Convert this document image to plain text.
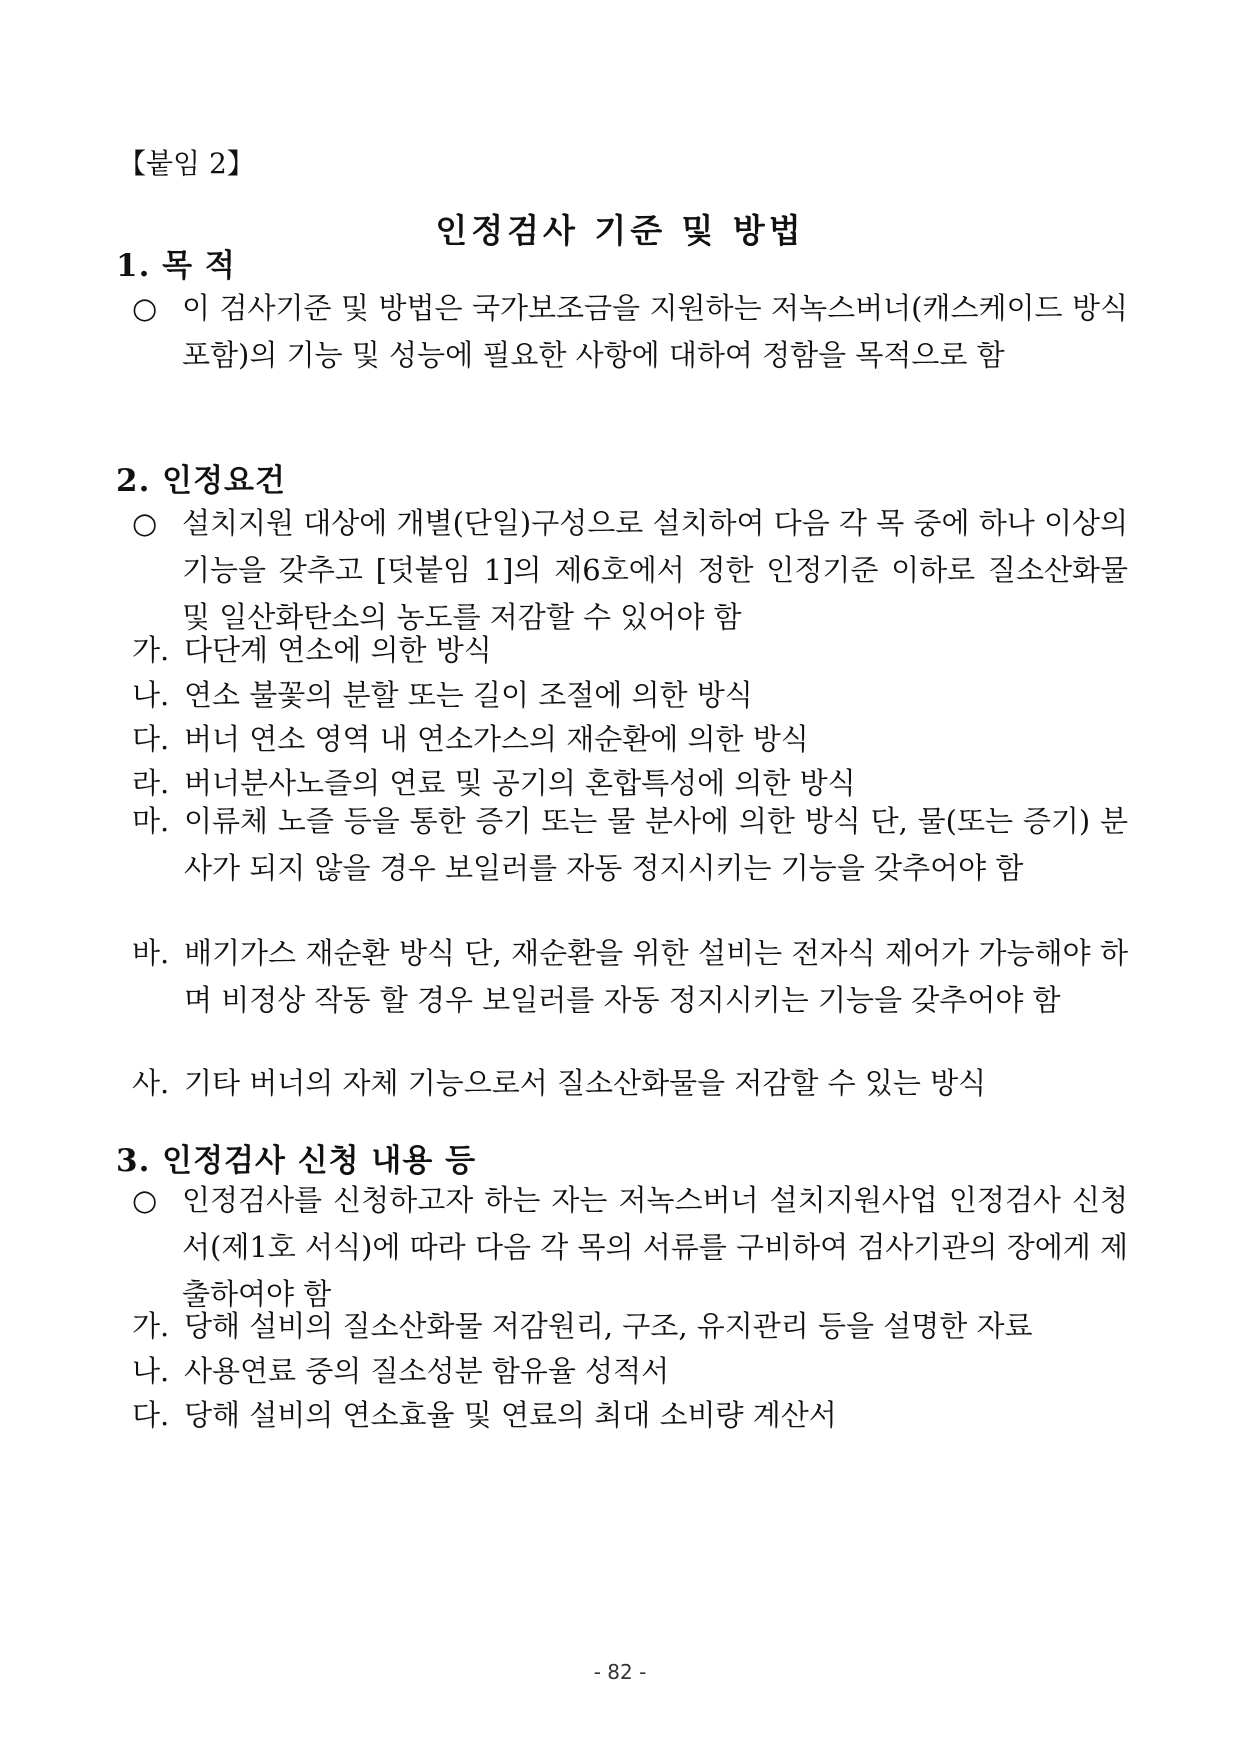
【붙임 2】
인정검사 기준 및 방법
1. 목 적
○ 이 검사기준 및 방법은 국가보조금을 지원하는 저녹스버너(캐스케이드 방식 포함)의 기능 및 성능에 필요한 사항에 대하여 정함을 목적으로 함
2. 인정요건
○ 설치지원 대상에 개별(단일)구성으로 설치하여 다음 각 목 중에 하나 이상의 기능을 갖추고 [덧붙임 1]의 제6호에서 정한 인정기준 이하로 질소산화물 및 일산화탄소의 농도를 저감할 수 있어야 함
가. 다단계 연소에 의한 방식
나. 연소 불꽃의 분할 또는 길이 조절에 의한 방식
다. 버너 연소 영역 내 연소가스의 재순환에 의한 방식
라. 버너분사노즐의 연료 및 공기의 혼합특성에 의한 방식
마. 이류체 노즐 등을 통한 증기 또는 물 분사에 의한 방식 단, 물(또는 증기) 분사가 되지 않을 경우 보일러를 자동 정지시키는 기능을 갖추어야 함
바. 배기가스 재순환 방식 단, 재순환을 위한 설비는 전자식 제어가 가능해야 하며 비정상 작동 할 경우 보일러를 자동 정지시키는 기능을 갖추어야 함
사. 기타 버너의 자체 기능으로서 질소산화물을 저감할 수 있는 방식
3. 인정검사 신청 내용 등
○ 인정검사를 신청하고자 하는 자는 저녹스버너 설치지원사업 인정검사 신청서(제1호 서식)에 따라 다음 각 목의 서류를 구비하여 검사기관의 장에게 제출하여야 함
가. 당해 설비의 질소산화물 저감원리, 구조, 유지관리 등을 설명한 자료
나. 사용연료 중의 질소성분 함유율 성적서
다. 당해 설비의 연소효율 및 연료의 최대 소비량 계산서
- 82 -
